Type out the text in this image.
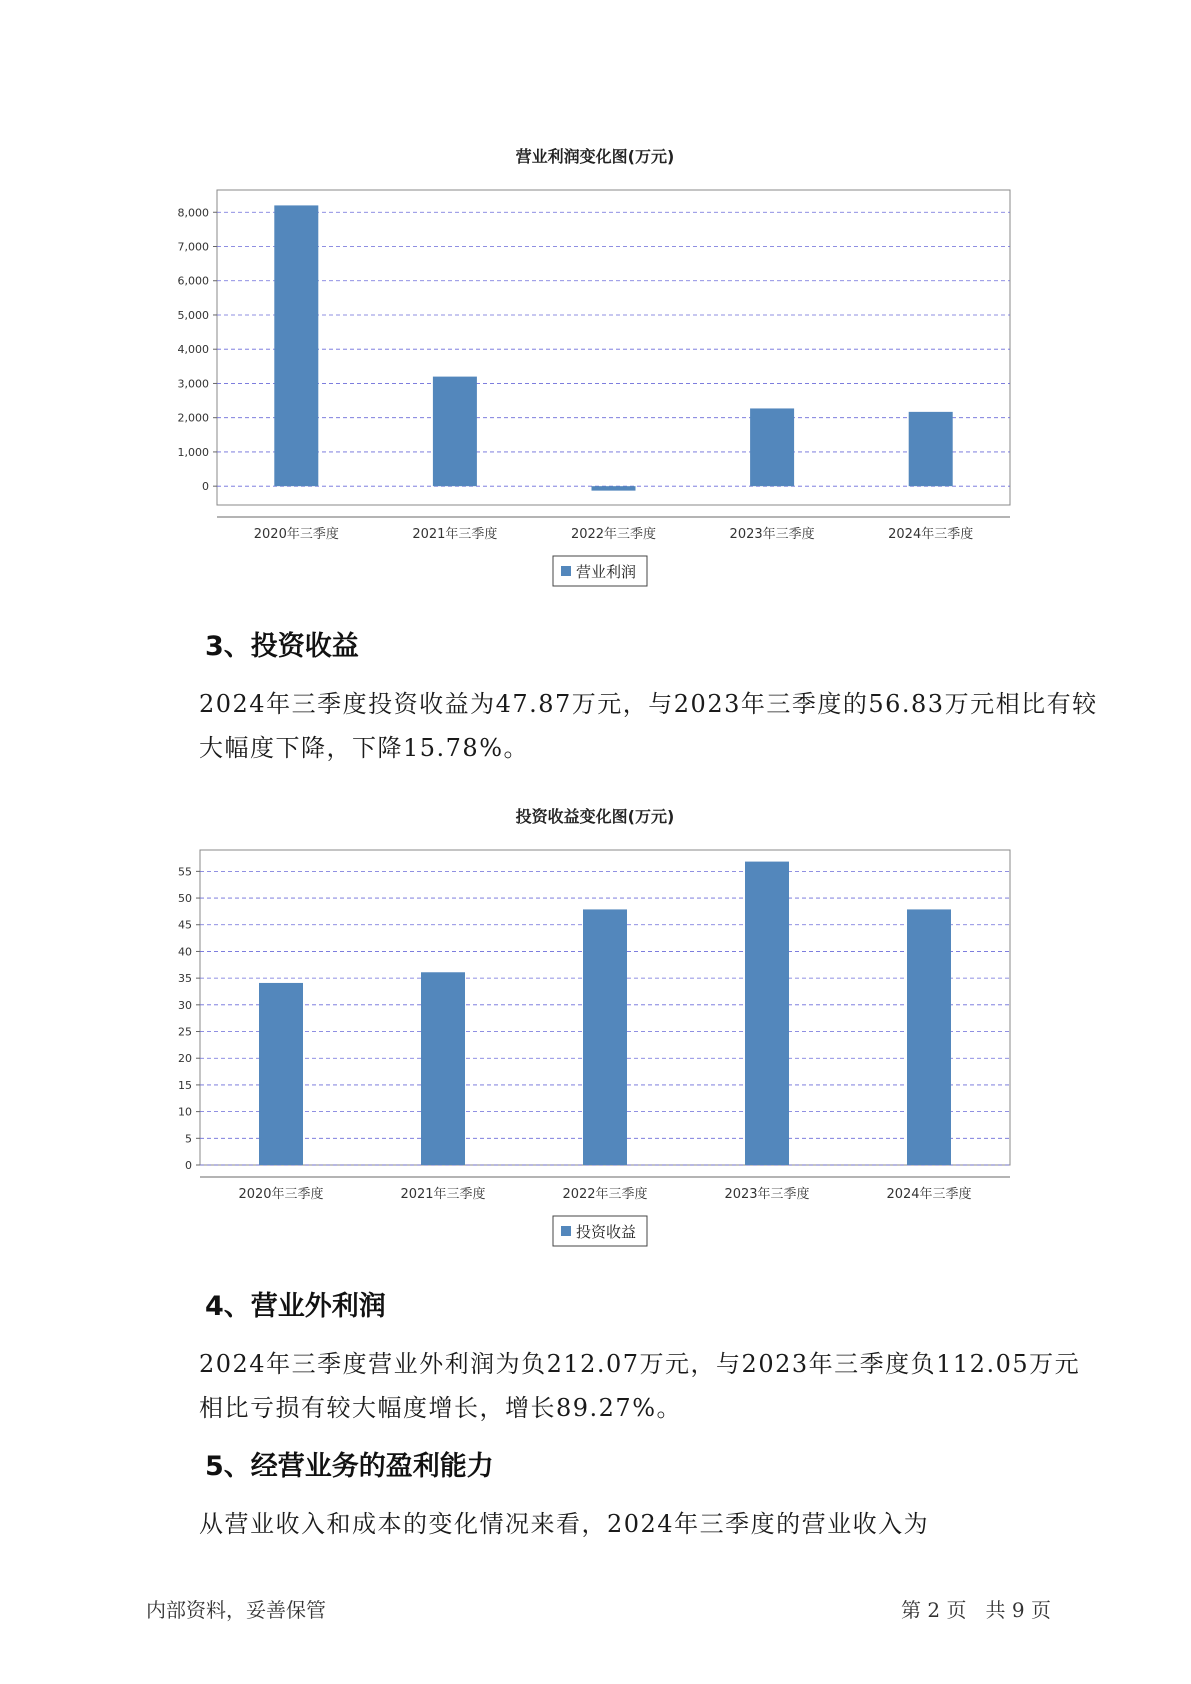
营业利润变化图(万元)
0
1,000
2,000
3,000
4,000
5,000
6,000
7,000
8,000
2020年三季度	2021年三季度	2022年三季度	2023年三季度	2024年三季度
营业利润
3、投资收益

2024年三季度投资收益为47.87万元，与2023年三季度的56.83万元相比有较大幅度下降，下降15.78%。

投资收益变化图(万元)
0
5
10
15
20
25
30
35
40
45
50
55
2020年三季度	2021年三季度	2022年三季度	2023年三季度	2024年三季度
投资收益
4、营业外利润

2024年三季度营业外利润为负212.07万元，与2023年三季度负112.05万元相比亏损有较大幅度增长，增长89.27%。

5、经营业务的盈利能力

从营业收入和成本的变化情况来看，2024年三季度的营业收入为

内部资料，妥善保管	第 2 页   共 9 页
